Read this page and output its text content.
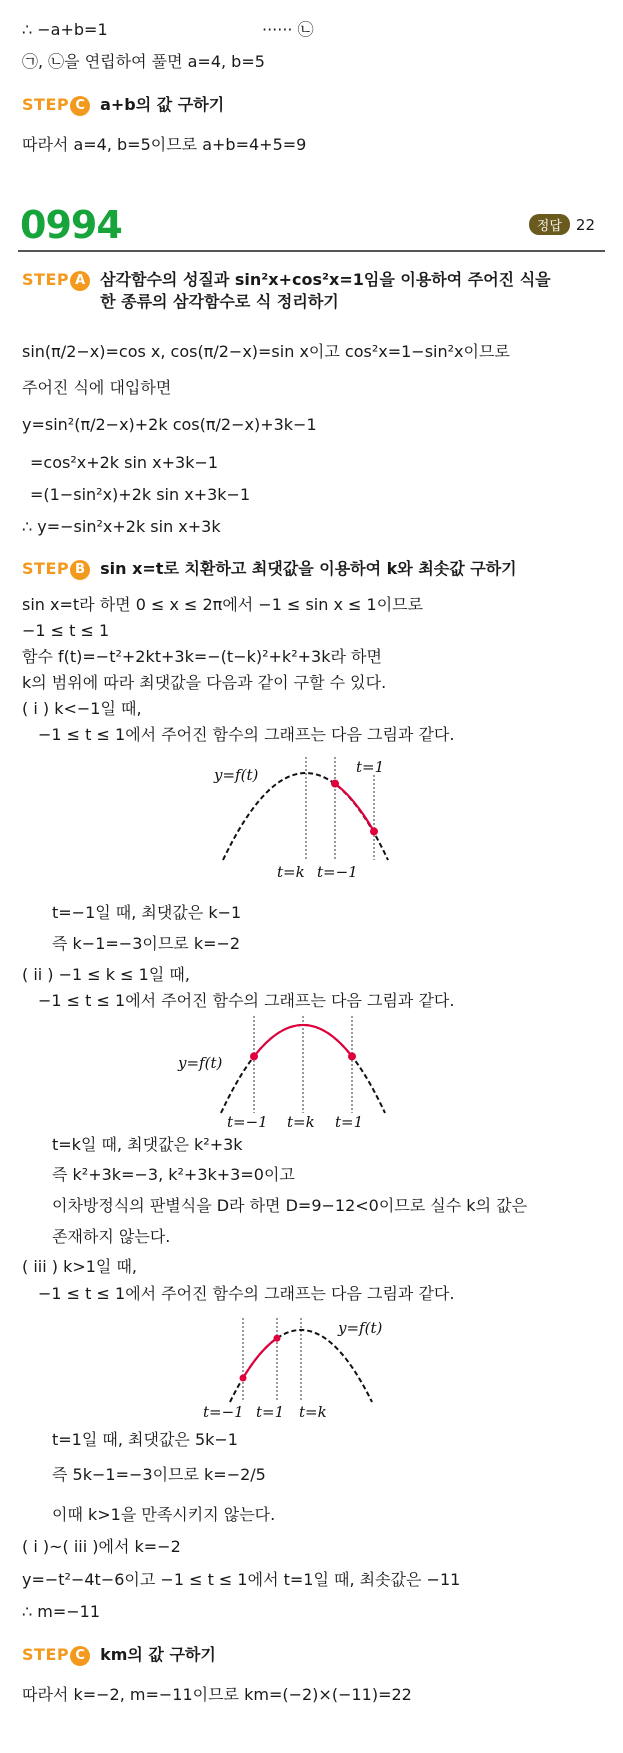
∴ −a+b=1	······ ㉡
㉠, ㉡을 연립하여 풀면 a=4, b=5
STEP C a+b의 값 구하기
따라서 a=4, b=5이므로 a+b=4+5=9
0994	정답 22
STEP A 삼각함수의 성질과 sin²x+cos²x=1임을 이용하여 주어진 식을
한 종류의 삼각함수로 식 정리하기
sin(π/2−x)=cos x, cos(π/2−x)=sin x이고 cos²x=1−sin²x이므로
주어진 식에 대입하면
y=sin²(π/2−x)+2k cos(π/2−x)+3k−1
=cos²x+2k sin x+3k−1
=(1−sin²x)+2k sin x+3k−1
∴ y=−sin²x+2k sin x+3k
STEP B sin x=t로 치환하고 최댓값을 이용하여 k와 최솟값 구하기
sin x=t라 하면 0 ≤ x ≤ 2π에서 −1 ≤ sin x ≤ 1이므로
−1 ≤ t ≤ 1
함수 f(t)=−t²+2kt+3k=−(t−k)²+k²+3k라 하면
k의 범위에 따라 최댓값을 다음과 같이 구할 수 있다.
( i ) k<−1일 때,
−1 ≤ t ≤ 1에서 주어진 함수의 그래프는 다음 그림과 같다.
y=f(t)
t=k t=−1
t=1
t=−1일 때, 최댓값은 k−1
즉 k−1=−3이므로 k=−2
( ii ) −1 ≤ k ≤ 1일 때,
−1 ≤ t ≤ 1에서 주어진 함수의 그래프는 다음 그림과 같다.
y=f(t)
t=−1 t=k t=1
t=k일 때, 최댓값은 k²+3k
즉 k²+3k=−3, k²+3k+3=0이고
이차방정식의 판별식을 D라 하면 D=9−12<0이므로 실수 k의 값은
존재하지 않는다.
( iii ) k>1일 때,
−1 ≤ t ≤ 1에서 주어진 함수의 그래프는 다음 그림과 같다.
y=f(t)
t=−1 t=1 t=k
t=1일 때, 최댓값은 5k−1
즉 5k−1=−3이므로 k=−2/5
이때 k>1을 만족시키지 않는다.
( i )~( iii )에서 k=−2
y=−t²−4t−6이고 −1 ≤ t ≤ 1에서 t=1일 때, 최솟값은 −11
∴ m=−11
STEP C km의 값 구하기
따라서 k=−2, m=−11이므로 km=(−2)×(−11)=22
